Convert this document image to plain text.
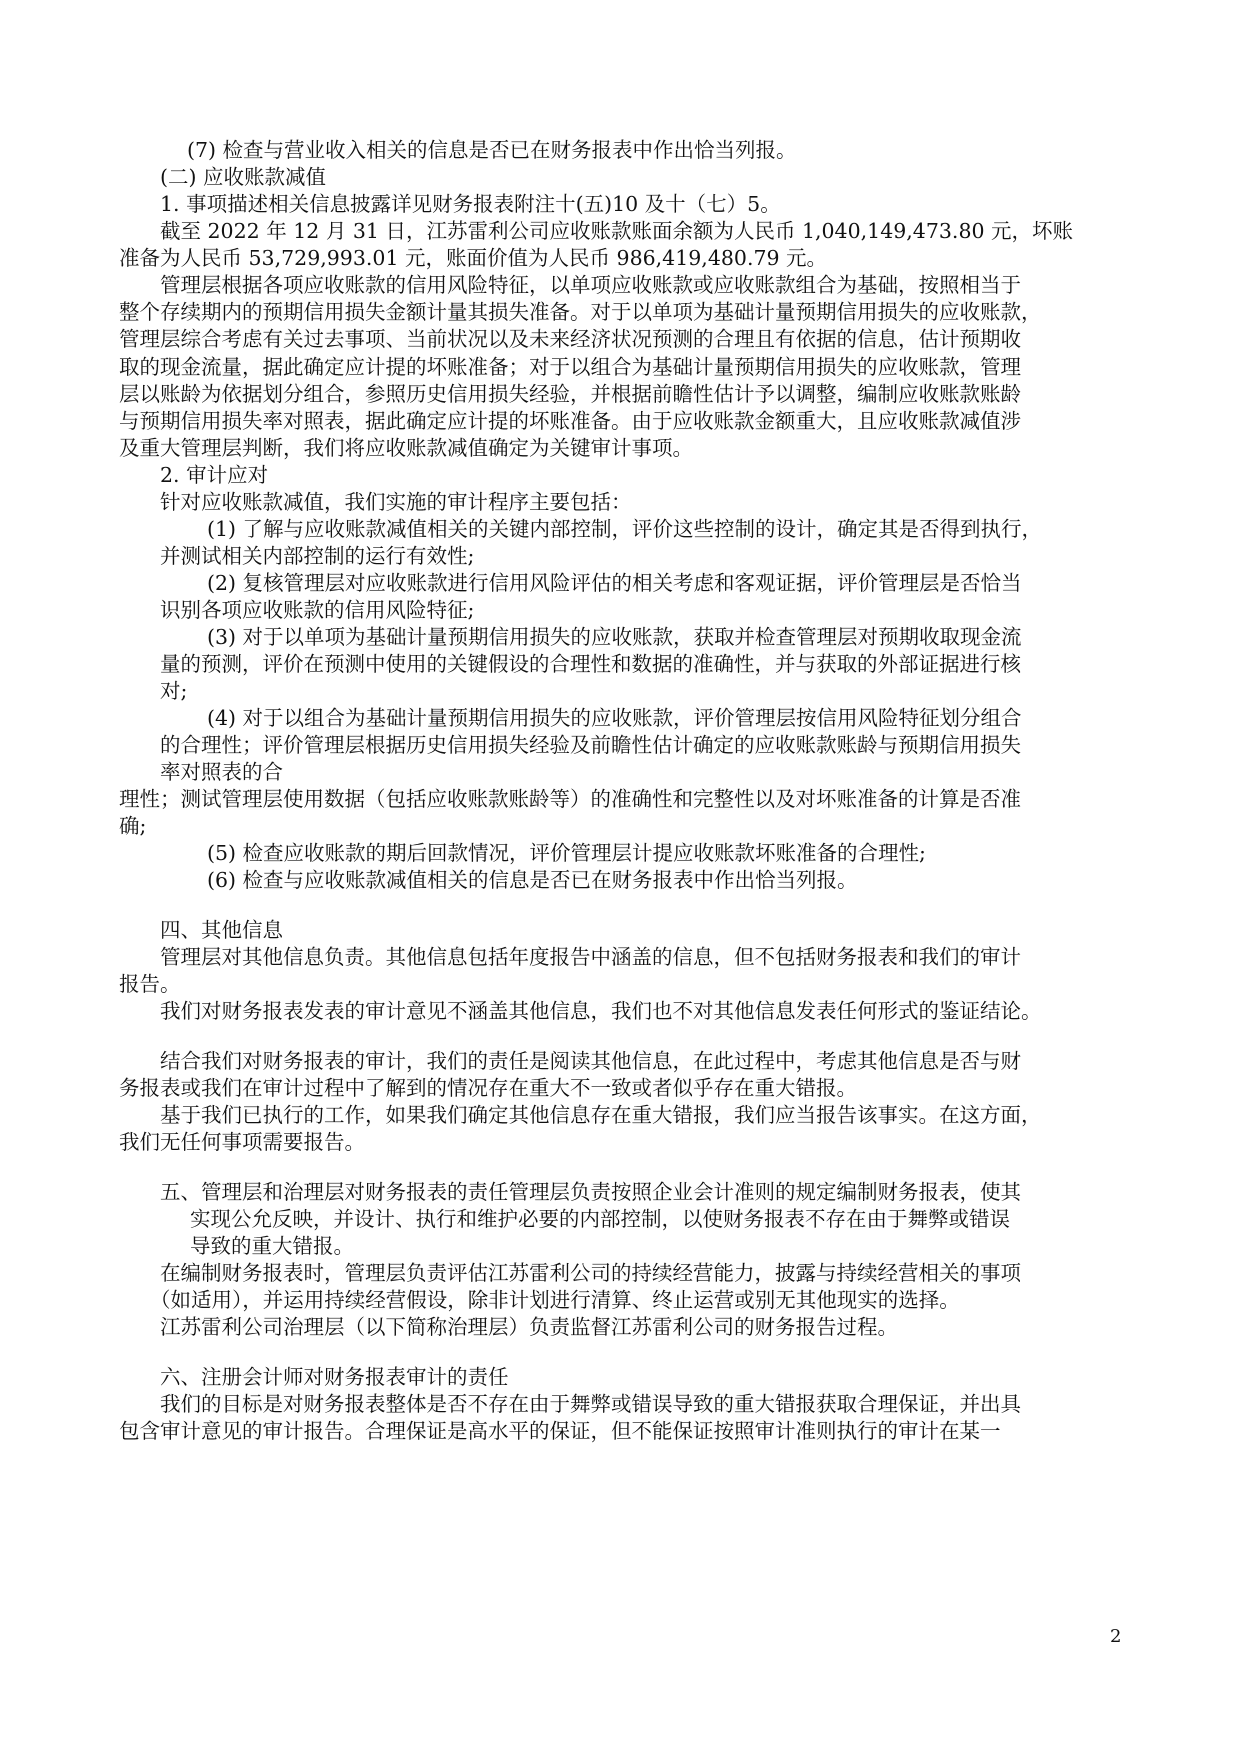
(7) 检查与营业收入相关的信息是否已在财务报表中作出恰当列报。
(二) 应收账款减值
1. 事项描述相关信息披露详见财务报表附注十(五)10 及十（七）5。
截至 2022 年 12 月 31 日，江苏雷利公司应收账款账面余额为人民币 1,040,149,473.80 元，坏账
准备为人民币 53,729,993.01 元，账面价值为人民币 986,419,480.79 元。
管理层根据各项应收账款的信用风险特征，以单项应收账款或应收账款组合为基础，按照相当于
整个存续期内的预期信用损失金额计量其损失准备。对于以单项为基础计量预期信用损失的应收账款，
管理层综合考虑有关过去事项、当前状况以及未来经济状况预测的合理且有依据的信息，估计预期收
取的现金流量，据此确定应计提的坏账准备；对于以组合为基础计量预期信用损失的应收账款，管理
层以账龄为依据划分组合，参照历史信用损失经验，并根据前瞻性估计予以调整，编制应收账款账龄
与预期信用损失率对照表，据此确定应计提的坏账准备。由于应收账款金额重大，且应收账款减值涉
及重大管理层判断，我们将应收账款减值确定为关键审计事项。
2. 审计应对
针对应收账款减值，我们实施的审计程序主要包括：
(1) 了解与应收账款减值相关的关键内部控制，评价这些控制的设计，确定其是否得到执行，
并测试相关内部控制的运行有效性;
(2) 复核管理层对应收账款进行信用风险评估的相关考虑和客观证据，评价管理层是否恰当
识别各项应收账款的信用风险特征;
(3) 对于以单项为基础计量预期信用损失的应收账款，获取并检查管理层对预期收取现金流
量的预测，评价在预测中使用的关键假设的合理性和数据的准确性，并与获取的外部证据进行核
对;
(4) 对于以组合为基础计量预期信用损失的应收账款，评价管理层按信用风险特征划分组合
的合理性；评价管理层根据历史信用损失经验及前瞻性估计确定的应收账款账龄与预期信用损失
率对照表的合
理性；测试管理层使用数据（包括应收账款账龄等）的准确性和完整性以及对坏账准备的计算是否准
确;
(5) 检查应收账款的期后回款情况，评价管理层计提应收账款坏账准备的合理性;
(6) 检查与应收账款减值相关的信息是否已在财务报表中作出恰当列报。
四、其他信息
管理层对其他信息负责。其他信息包括年度报告中涵盖的信息，但不包括财务报表和我们的审计
报告。
我们对财务报表发表的审计意见不涵盖其他信息，我们也不对其他信息发表任何形式的鉴证结论。
结合我们对财务报表的审计，我们的责任是阅读其他信息，在此过程中，考虑其他信息是否与财
务报表或我们在审计过程中了解到的情况存在重大不一致或者似乎存在重大错报。
基于我们已执行的工作，如果我们确定其他信息存在重大错报，我们应当报告该事实。在这方面，
我们无任何事项需要报告。
五、管理层和治理层对财务报表的责任管理层负责按照企业会计准则的规定编制财务报表，使其
实现公允反映，并设计、执行和维护必要的内部控制，以使财务报表不存在由于舞弊或错误
导致的重大错报。
在编制财务报表时，管理层负责评估江苏雷利公司的持续经营能力，披露与持续经营相关的事项
（如适用），并运用持续经营假设，除非计划进行清算、终止运营或别无其他现实的选择。
江苏雷利公司治理层（以下简称治理层）负责监督江苏雷利公司的财务报告过程。
六、注册会计师对财务报表审计的责任
我们的目标是对财务报表整体是否不存在由于舞弊或错误导致的重大错报获取合理保证，并出具
包含审计意见的审计报告。合理保证是高水平的保证，但不能保证按照审计准则执行的审计在某一
2
